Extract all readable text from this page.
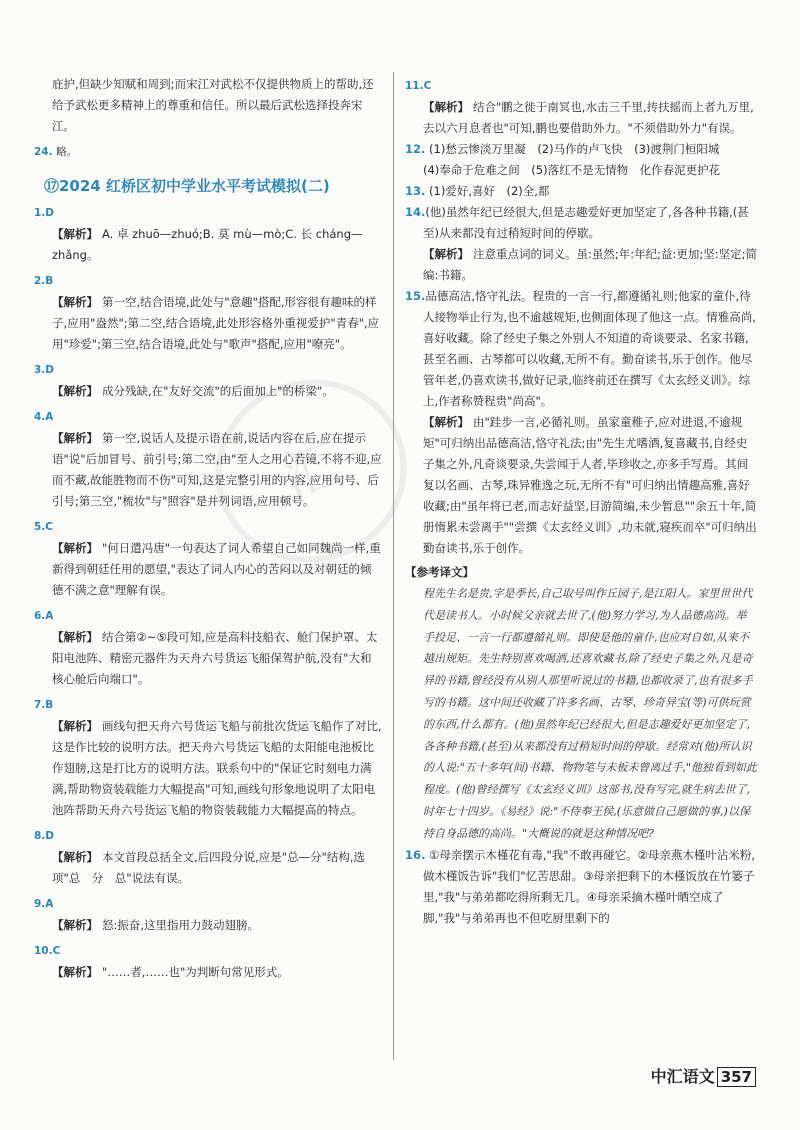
汇

庇护,但缺少知赋和周到;而宋江对武松不仅提供物质上的帮助,还给予武松更多精神上的尊重和信任。所以最后武松选择投奔宋江。

24. 略。

⑰2024 红桥区初中学业水平考试模拟(二)

1.D

【解析】 A. 卓 zhuō—zhuó;B. 莫 mù—mò;C. 长 cháng—zhǎng。

2.B

【解析】 第一空,结合语境,此处与"意趣"搭配,形容很有趣味的样子,应用"盎然";第二空,结合语境,此处形容格外重视爱护"青春",应用"珍爱";第三空,结合语境,此处与"歌声"搭配,应用"嘹亮"。

3.D

【解析】 成分残缺,在"友好交流"的后面加上"的桥梁"。

4.A

【解析】 第一空,说话人及提示语在前,说话内容在后,应在提示语"说"后加冒号、前引号;第二空,由"至人之用心若镜,不将不迎,应而不藏,故能胜物而不伤"可知,这是完整引用的内容,应用句号、后引号;第三空,"梳妆"与"照容"是并列词语,应用顿号。

5.C

【解析】 "何日遣冯唐"一句表达了词人希望自己如同魏尚一样,重新得到朝廷任用的愿望,"表达了词人内心的苦闷以及对朝廷的倾德不满之意"理解有误。

6.A

【解析】 结合第②~⑤段可知,应是高科技船衣、舱门保护罩、太阳电池阵、精密元器件为天舟六号货运飞船保驾护航,没有"大和核心舱后向端口"。

7.B

【解析】 画线句把天舟六号货运飞船与前批次货运飞船作了对比,这是作比较的说明方法。把天舟六号货运飞船的太阳能电池板比作翅膀,这是打比方的说明方法。联系句中的"保证它时刻电力满满,帮助物资装载能力大幅提高"可知,画线句形象地说明了太阳电池阵帮助天舟六号货运飞船的物资装载能力大幅提高的特点。

8.D

【解析】 本文首段总括全文,后四段分说,应是"总—分"结构,选项"总　分　总"说法有误。

9.A

【解析】 怒:振奋,这里指用力鼓动翅膀。

10.C

【解析】 "……者,……也"为判断句常见形式。

11.C

【解析】 结合"鹏之徙于南冥也,水击三千里,抟扶摇而上者九万里,去以六月息者也"可知,鹏也要借助外力。"不须借助外力"有误。

12. (1)愁云惨淡万里凝　(2)马作的卢飞快　(3)渡荆门桓阳城
(4)奉命于危难之间　(5)落红不是无情物　化作春泥更护花
13. (1)爱好,喜好　(2)全,都
14.(他)虽然年纪已经很大,但是志趣爱好更加坚定了,各各种书籍,(甚至)从来都没有过稍短时间的停歇。

【解析】 注意重点词的词义。虽:虽然;年:年纪;益:更加;坚:坚定;简编:书籍。

15.品德高洁,恪守礼法。程贵的一言一行,都遵循礼则;他家的童仆,待人接物举止行为,也不逾越规矩,也侧面体现了他这一点。情雅高尚,喜好收藏。除了经史子集之外别人不知道的奇谈要录、名家书籍,甚至名画、古琴都可以收藏,无所不有。勤奋读书,乐于创作。他尽管年老,仍喜欢读书,做好记录,临终前还在撰写《太玄经义训》。综上,作者称赞程贵"尚高"。

【解析】 由"跬步一言,必循礼则。虽家童稚子,应对进退,不逾规矩"可归纳出品德高洁,恪守礼法;由"先生尤嗜酒,复喜藏书,自经史子集之外,凡奇谈要录,失尝闻于人者,毕珍收之,亦多手写焉。其间复以名画、古琴,珠异雅逸之玩,无所不有"可归纳出情趣高雅,喜好收藏;由"虽年将已老,而志好益坚,目游简编,未少暂息""余五十年,简册惰累未尝离手""尝撰《太玄经义训》,功未就,寝疾而卒"可归纳出勤奋读书,乐于创作。

【参考译文】

程先生名是贵,字是季长,自己取号叫作丘园子,是江阳人。家里世世代代是读书人。小时候父亲就去世了,(他)努力学习,为人品德高尚。举手投足、一言一行都遵循礼则。即使是他的童仆,也应对自如,从来不越出规矩。先生特别喜欢喝酒,还喜欢藏书,除了经史子集之外,凡是奇异的书籍,曾经没有从别人那里听说过的书籍,也都收录了,也有很多手写的书籍。这中间还收藏了许多名画、古琴、珍奇异宝(等)可供玩赏的东西,什么都有。(他)虽然年纪已经很大,但是志趣爱好更加坚定了,各各种书籍,(甚至)从来都没有过稍短时间的停歇。经常对(他)所认识的人说:"五十多年(间)书籍、物物笔与未板未曾离过手,"他独看到如此程度。(他)曾经撰写《太玄经义训》这部书,没有写完,就生病去世了,时年七十四岁。《易经》说:"不侍奉王侯,(乐意做自己愿做的事,)以保持自身品德的高尚。"大概说的就是这种情况吧?

16. ①母亲摆示木槿花有毒,"我"不敢再碰它。②母亲燕木槿叶沾米粉,做木槿饭告诉"我们"忆苦思甜。③母亲把剩下的木槿饭放在竹篓子里,"我"与弟弟都吃得所剩无几。④母亲采摘木槿叶晒空成了脚,"我"与弟弟再也不但吃厨里剩下的
中汇语文 357
